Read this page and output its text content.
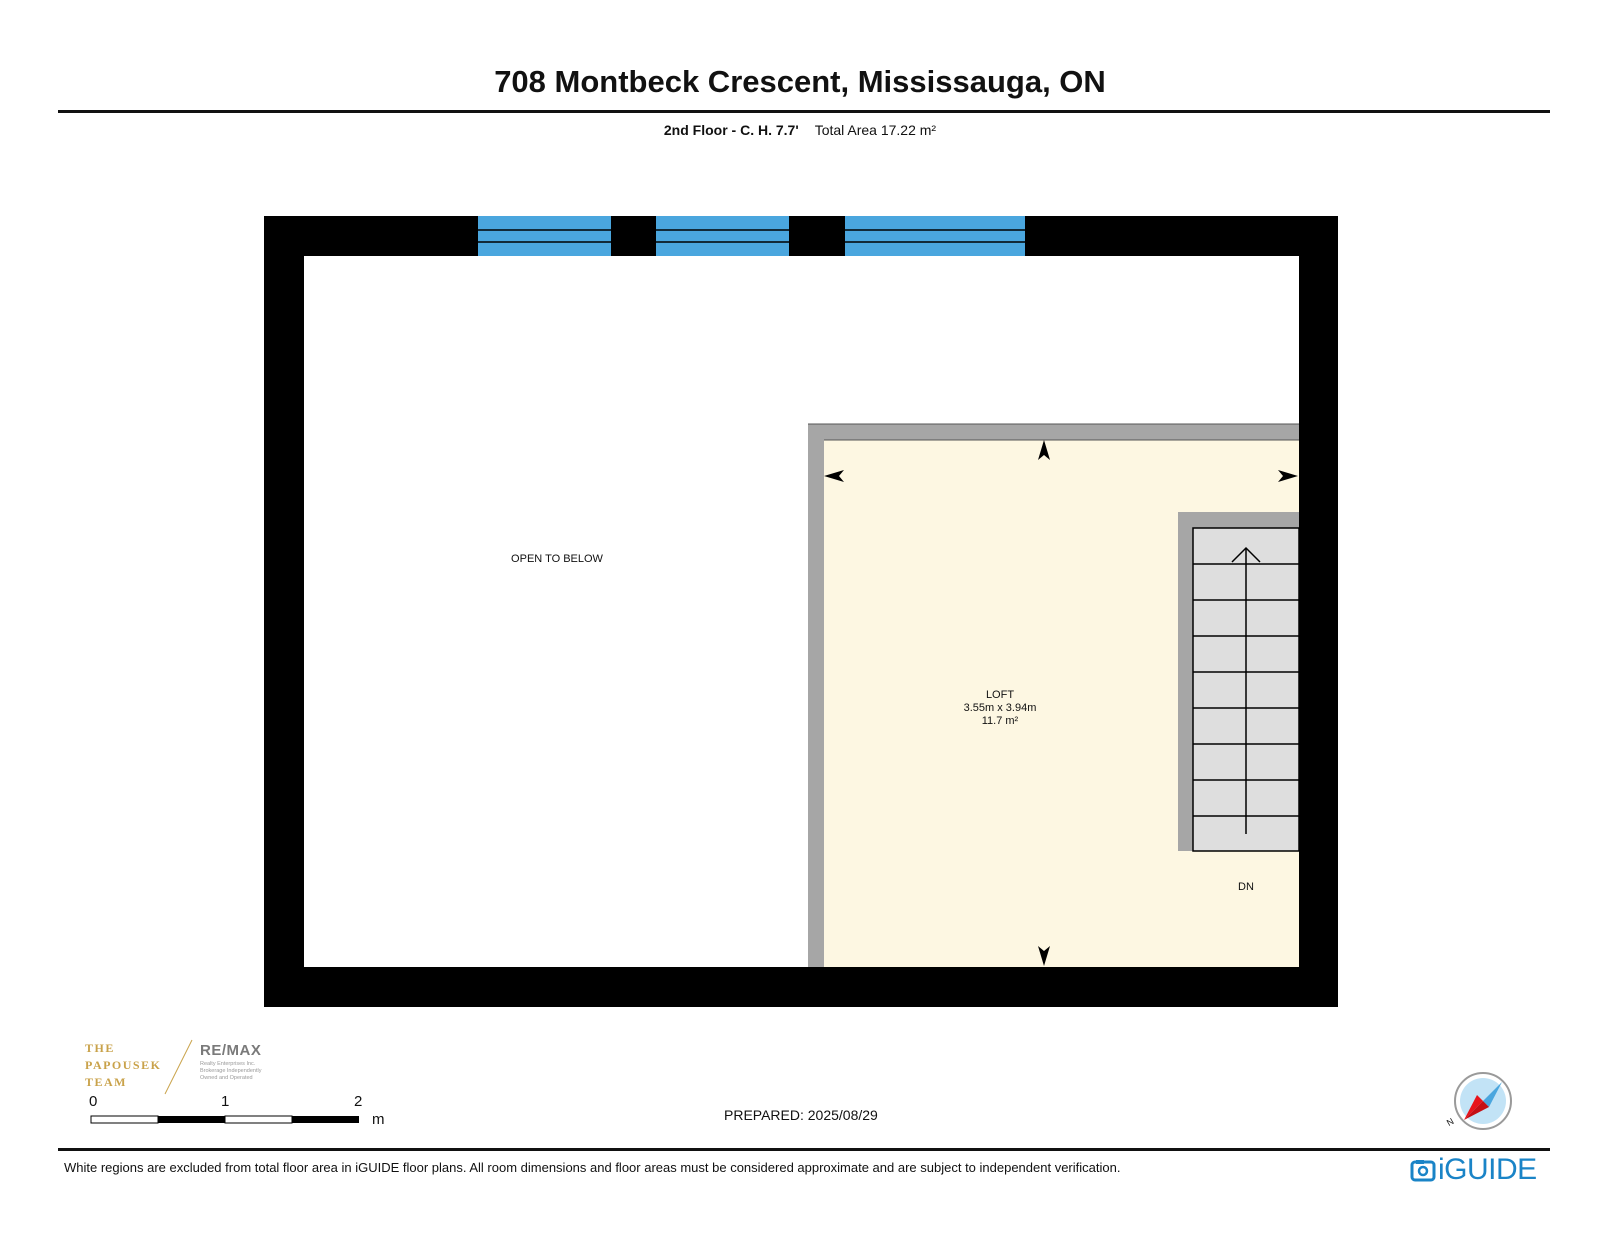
708 Montbeck Crescent, Mississauga, ON
2nd Floor - C. H. 7.7' Total Area 17.22 m²
OPEN TO BELOW
LOFT
3.55m x 3.94m
11.7 m²
DN
THE
PAPOUSEK
TEAM
RE/MAX
Realty Enterprises Inc. Brokerage Independently Owned and Operated
0	1	2
m	PREPARED: 2025/08/29	N
White regions are excluded from total floor area in iGUIDE floor plans. All room dimensions and floor areas must be considered approximate and are subject to independent verification.	iGUIDE
